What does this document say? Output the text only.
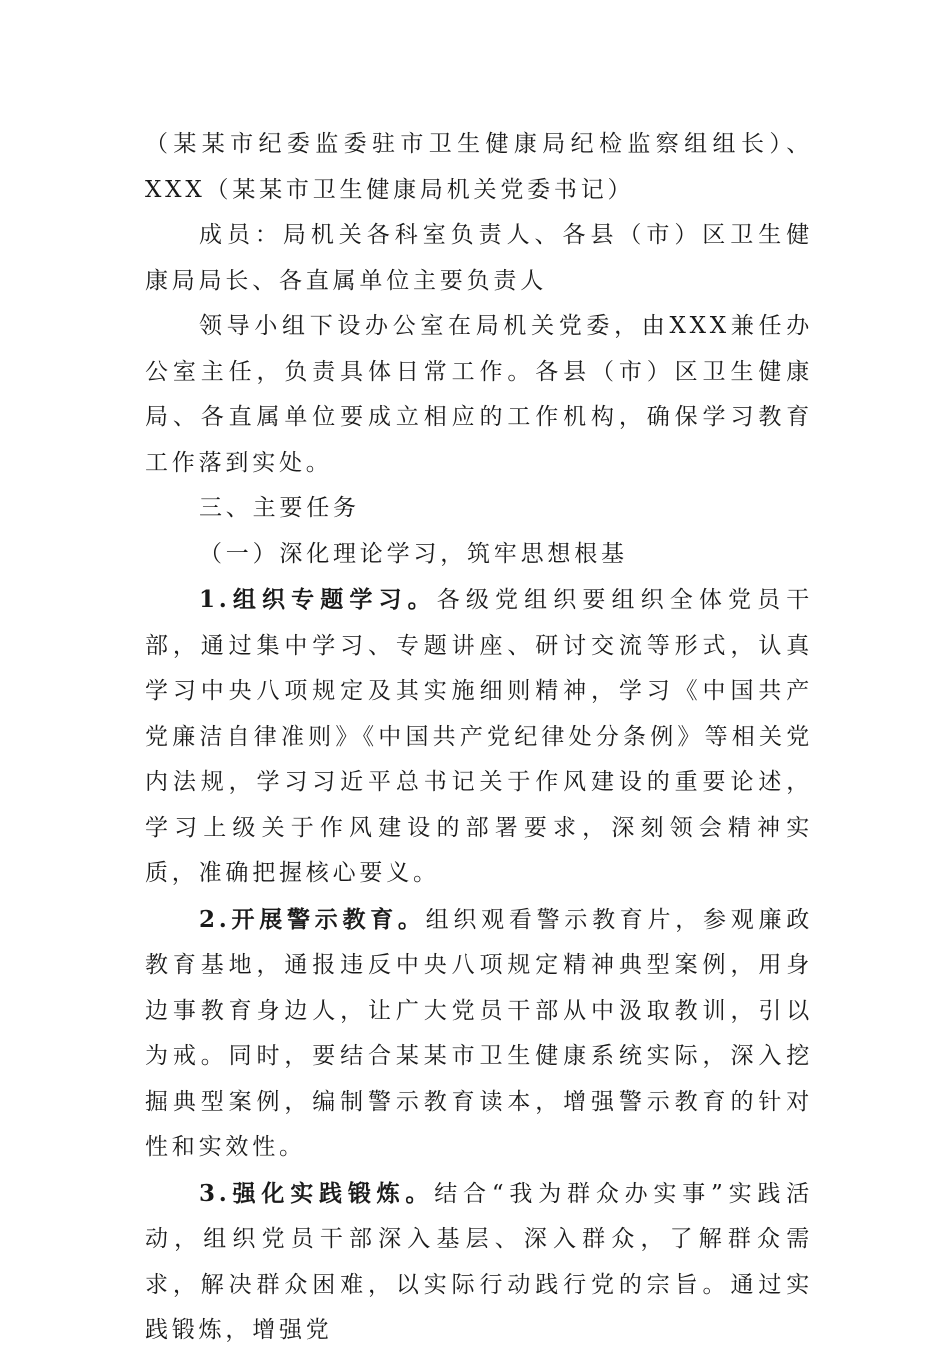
（某某市纪委监委驻市卫生健康局纪检监察组组长）、XXX（某某市卫生健康局机关党委书记）

成员：局机关各科室负责人、各县（市）区卫生健康局局长、各直属单位主要负责人

领导小组下设办公室在局机关党委，由XXX兼任办公室主任，负责具体日常工作。各县（市）区卫生健康局、各直属单位要成立相应的工作机构，确保学习教育工作落到实处。

三、主要任务

（一）深化理论学习，筑牢思想根基

1.组织专题学习。各级党组织要组织全体党员干部，通过集中学习、专题讲座、研讨交流等形式，认真学习中央八项规定及其实施细则精神，学习《中国共产党廉洁自律准则》《中国共产党纪律处分条例》等相关党内法规，学习习近平总书记关于作风建设的重要论述，学习上级关于作风建设的部署要求，深刻领会精神实质，准确把握核心要义。

2.开展警示教育。组织观看警示教育片，参观廉政教育基地，通报违反中央八项规定精神典型案例，用身边事教育身边人，让广大党员干部从中汲取教训，引以为戒。同时，要结合某某市卫生健康系统实际，深入挖掘典型案例，编制警示教育读本，增强警示教育的针对性和实效性。

3.强化实践锻炼。结合“我为群众办实事”实践活动，组织党员干部深入基层、深入群众，了解群众需求，解决群众困难，以实际行动践行党的宗旨。通过实践锻炼，增强党
